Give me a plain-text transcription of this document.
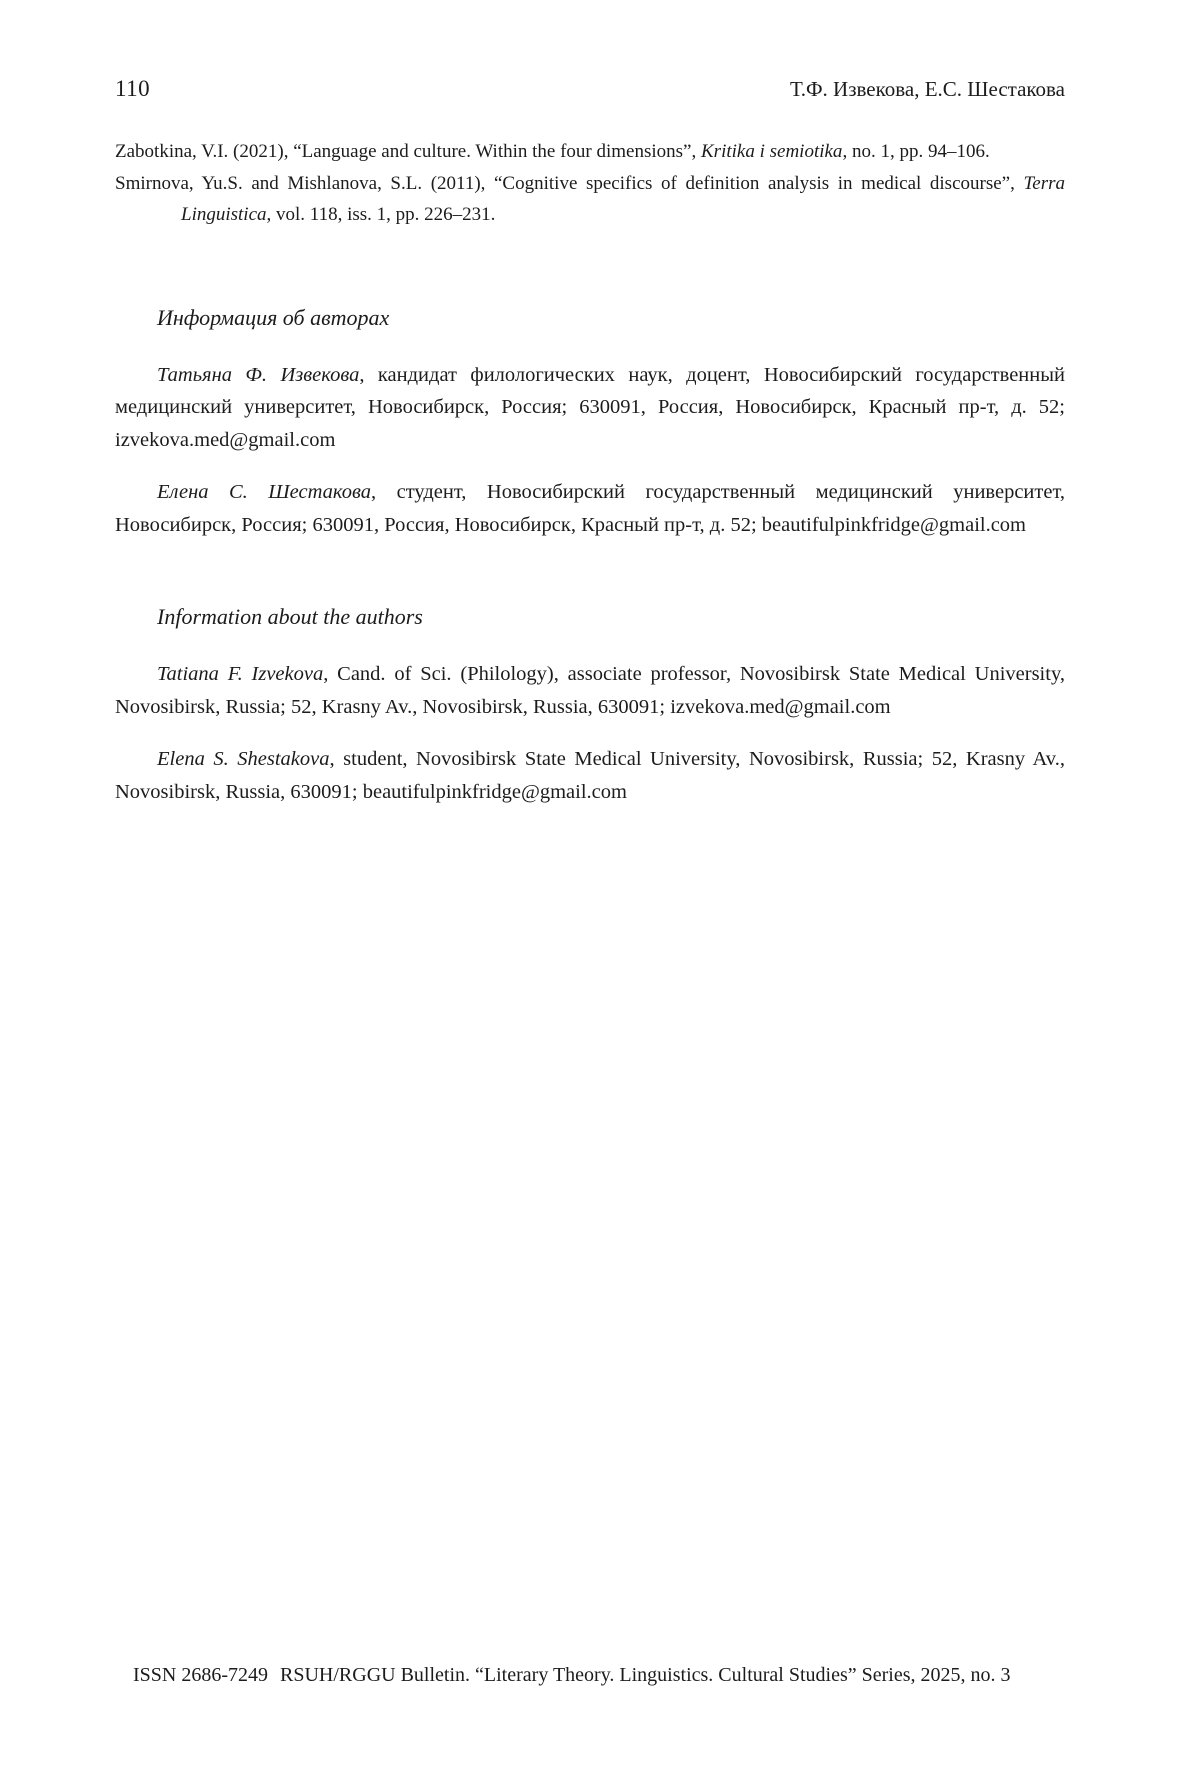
110	Т.Ф. Извекова, Е.С. Шестакова

Zabotkina, V.I. (2021), “Language and culture. Within the four dimensions”, Kritika i semiotika, no. 1, pp. 94–106.

Smirnova, Yu.S. and Mishlanova, S.L. (2011), “Cognitive specifics of definition analysis in medical discourse”, Terra Linguistica, vol. 118, iss. 1, pp. 226–231.

Информация об авторах

Татьяна Ф. Извекова, кандидат филологических наук, доцент, Новосибирский государственный медицинский университет, Новосибирск, Россия; 630091, Россия, Новосибирск, Красный пр-т, д. 52; izvekova.med@gmail.com

Елена С. Шестакова, студент, Новосибирский государственный медицинский университет, Новосибирск, Россия; 630091, Россия, Новосибирск, Красный пр-т, д. 52; beautifulpinkfridge@gmail.com

Information about the authors

Tatiana F. Izvekova, Cand. of Sci. (Philology), associate professor, Novosibirsk State Medical University, Novosibirsk, Russia; 52, Krasny Av., Novosibirsk, Russia, 630091; izvekova.med@gmail.com

Elena S. Shestakova, student, Novosibirsk State Medical University, Novosibirsk, Russia; 52, Krasny Av., Novosibirsk, Russia, 630091; beautifulpinkfridge@gmail.com

ISSN 2686-7249 RSUH/RGGU Bulletin. “Literary Theory. Linguistics. Cultural Studies” Series, 2025, no. 3
